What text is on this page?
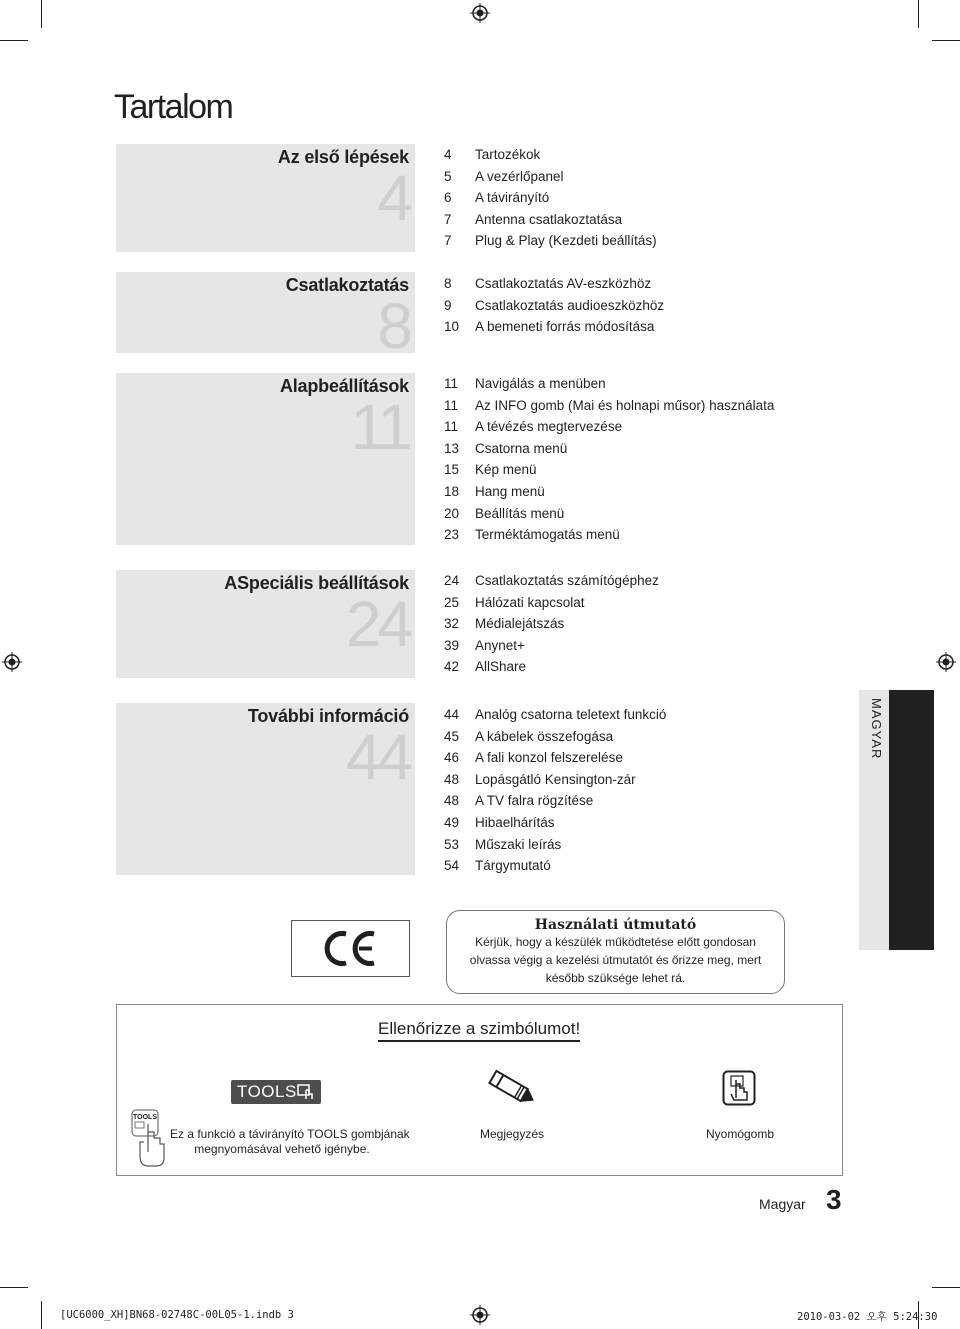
Tartalom
Az első lépések
4
4	Tartozékok
5	A vezérlőpanel
6	A távirányító
7	Antenna csatlakoztatása
7	Plug & Play (Kezdeti beállítás)
Csatlakoztatás
8
8	Csatlakoztatás AV-eszközhöz
9	Csatlakoztatás audioeszközhöz
10	A bemeneti forrás módosítása
Alapbeállítások
11
11	Navigálás a menüben
11	Az INFO gomb (Mai és holnapi műsor) használata
11	A tévézés megtervezése
13	Csatorna menü
15	Kép menü
18	Hang menü
20	Beállítás menü
23	Terméktámogatás menü
ASpeciális beállítások
24
24	Csatlakoztatás számítógéphez
25	Hálózati kapcsolat
32	Médialejátszás
39	Anynet+
42	AllShare
További információ
44
44	Analóg csatorna teletext funkció
45	A kábelek összefogása
46	A fali konzol felszerelése
48	Lopásgátló Kensington-zár
48	A TV falra rögzítése
49	Hibaelhárítás
53	Műszaki leírás
54	Tárgymutató
MAGYAR
Használati útmutató
Kérjük, hogy a készülék működtetése előtt gondosan
olvassa végig a kezelési útmutatót és őrizze meg, mert
később szüksége lehet rá.
Ellenőrizze a szimbólumot!
TOOLS
TOOLS
Ez a funkció a távirányító TOOLS gombjának
megnyomásával vehető igénybe.
Megjegyzés	Nyomógomb
Magyar 3
[UC6000_XH]BN68-02748C-00L05-1.indb 3	2010-03-02 오후 5:24:30
